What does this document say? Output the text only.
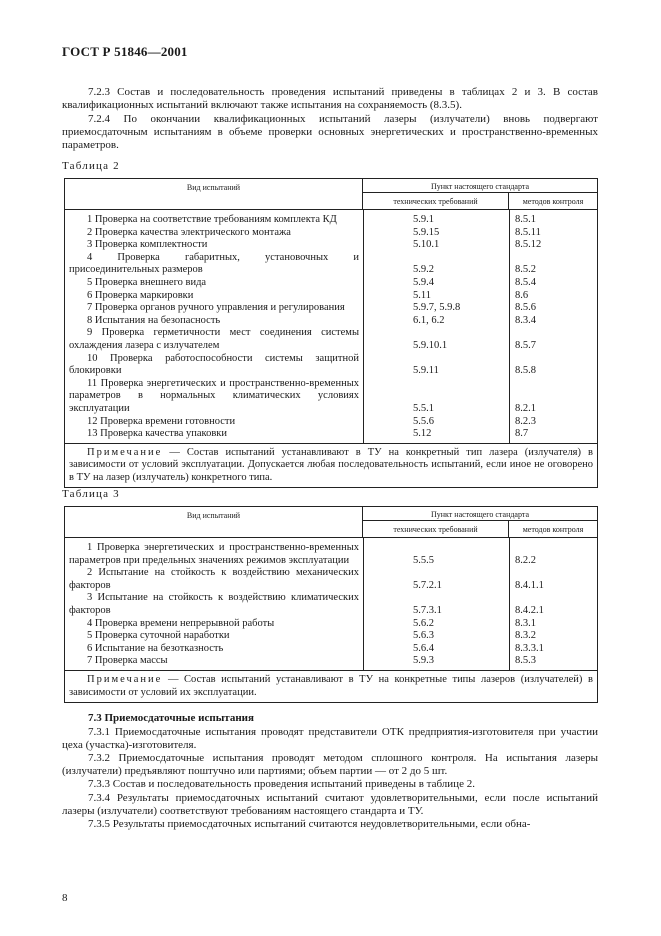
ГОСТ Р 51846—2001
7.2.3 Состав и последовательность проведения испытаний приведены в таблицах 2 и 3. В состав квалификационных испытаний включают также испытания на сохраняемость (8.3.5).
7.2.4 По окончании квалификационных испытаний лазеры (излучатели) вновь подвергают приемосдаточным испытаниям в объеме проверки основных энергетических и пространственно-временных параметров.
Таблица 2
Вид испытаний	Пункт настоящего стандарта
технических требований	методов контроля
1 Проверка на соответствие требованиям комплекта КД	5.9.1	8.5.1
2 Проверка качества электрического монтажа	5.9.15	8.5.11
3 Проверка комплектности	5.10.1	8.5.12
4 Проверка габаритных, установочных и присоединительных размеров	5.9.2	8.5.2
5 Проверка внешнего вида	5.9.4	8.5.4
6 Проверка маркировки	5.11	8.6
7 Проверка органов ручного управления и регулирования	5.9.7, 5.9.8	8.5.6
8 Испытания на безопасность	6.1, 6.2	8.3.4
9 Проверка герметичности мест соединения системы охлаждения лазера с излучателем	5.9.10.1	8.5.7
10 Проверка работоспособности системы защитной блокировки	5.9.11	8.5.8
11 Проверка энергетических и пространственно-временных параметров в нормальных климатических условиях эксплуатации	5.5.1	8.2.1
12 Проверка времени готовности	5.5.6	8.2.3
13 Проверка качества упаковки	5.12	8.7
Примечание — Состав испытаний устанавливают в ТУ на конкретный тип лазера (излучателя) в зависимости от условий эксплуатации. Допускается любая последовательность испытаний, если иное не оговорено в ТУ на лазер (излучатель) конкретного типа.
Таблица 3
Вид испытаний	Пункт настоящего стандарта
технических требований	методов контроля
1 Проверка энергетических и пространственно-временных параметров при предельных значениях режимов эксплуатации	5.5.5	8.2.2
2 Испытание на стойкость к воздействию механических факторов	5.7.2.1	8.4.1.1
3 Испытание на стойкость к воздействию климатических факторов	5.7.3.1	8.4.2.1
4 Проверка времени непрерывной работы	5.6.2	8.3.1
5 Проверка суточной наработки	5.6.3	8.3.2
6 Испытание на безотказность	5.6.4	8.3.3.1
7 Проверка массы	5.9.3	8.5.3
Примечание — Состав испытаний устанавливают в ТУ на конкретные типы лазеров (излучателей) в зависимости от условий их эксплуатации.
7.3 Приемосдаточные испытания
7.3.1 Приемосдаточные испытания проводят представители ОТК предприятия-изготовителя при участии цеха (участка)-изготовителя.
7.3.2 Приемосдаточные испытания проводят методом сплошного контроля. На испытания лазеры (излучатели) предъявляют поштучно или партиями; объем партии — от 2 до 5 шт.
7.3.3 Состав и последовательность проведения испытаний приведены в таблице 2.
7.3.4 Результаты приемосдаточных испытаний считают удовлетворительными, если после испытаний лазеры (излучатели) соответствуют требованиям настоящего стандарта и ТУ.
7.3.5 Результаты приемосдаточных испытаний считаются неудовлетворительными, если обна-
8
